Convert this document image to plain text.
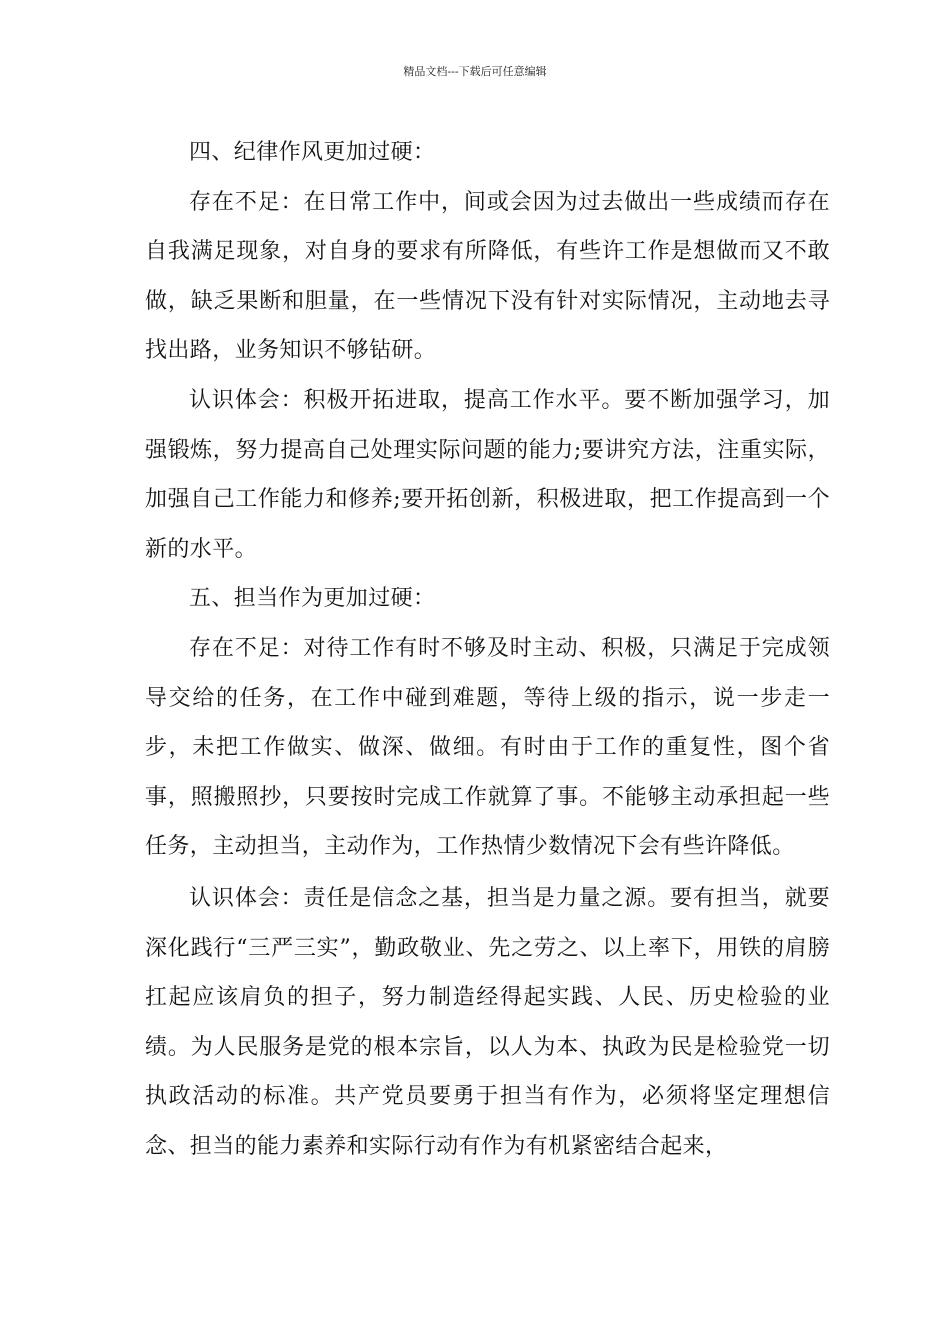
精品文档---下载后可任意编辑

四、纪律作风更加过硬：

存在不足：在日常工作中，间或会因为过去做出一些成绩而存在自我满足现象，对自身的要求有所降低，有些许工作是想做而又不敢做，缺乏果断和胆量，在一些情况下没有针对实际情况，主动地去寻找出路，业务知识不够钻研。

认识体会：积极开拓进取，提高工作水平。要不断加强学习，加强锻炼，努力提高自己处理实际问题的能力;要讲究方法，注重实际，加强自己工作能力和修养;要开拓创新，积极进取，把工作提高到一个新的水平。

五、担当作为更加过硬：

存在不足：对待工作有时不够及时主动、积极，只满足于完成领导交给的任务，在工作中碰到难题，等待上级的指示，说一步走一步，未把工作做实、做深、做细。有时由于工作的重复性，图个省事，照搬照抄，只要按时完成工作就算了事。不能够主动承担起一些任务，主动担当，主动作为，工作热情少数情况下会有些许降低。

认识体会：责任是信念之基，担当是力量之源。要有担当，就要深化践行“三严三实”，勤政敬业、先之劳之、以上率下，用铁的肩膀扛起应该肩负的担子，努力制造经得起实践、人民、历史检验的业绩。为人民服务是党的根本宗旨，以人为本、执政为民是检验党一切执政活动的标准。共产党员要勇于担当有作为，必须将坚定理想信念、担当的能力素养和实际行动有作为有机紧密结合起来，
